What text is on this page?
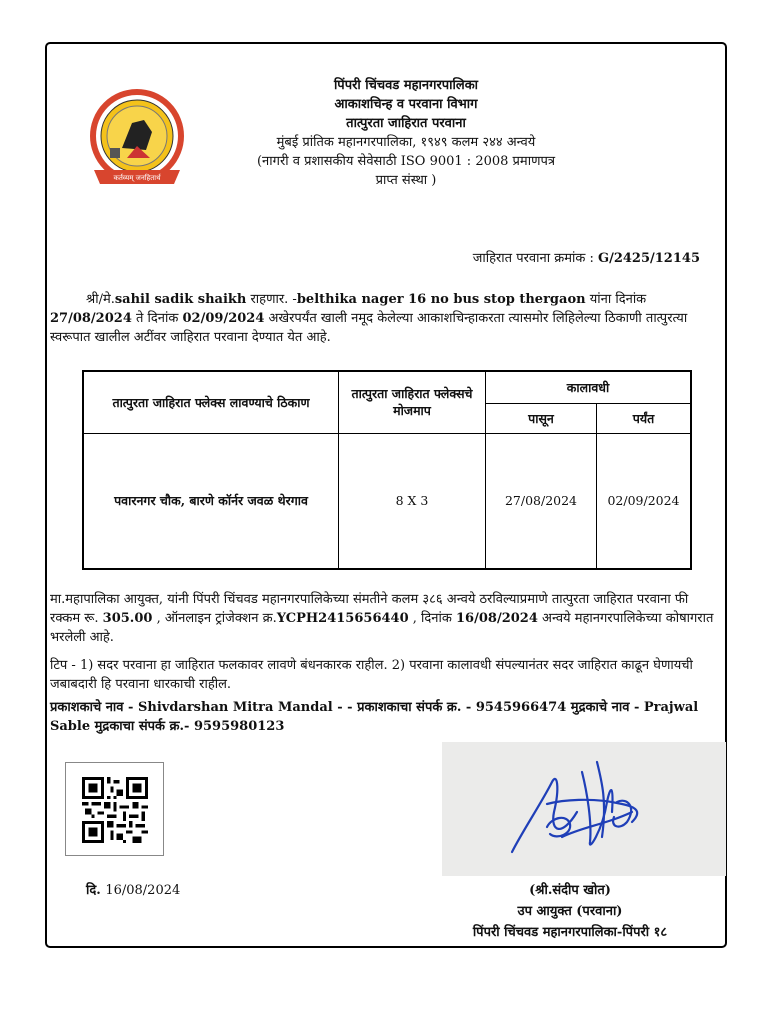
कर्तव्यम् जनहितार्थ
पिंपरी चिंचवड महानगरपालिका
आकाशचिन्ह व परवाना विभाग
तात्पुरता जाहिरात परवाना
मुंबई प्रांतिक महानगरपालिका, १९४९ कलम २४४ अन्वये
(नागरी व प्रशासकीय सेवेसाठी ISO 9001 : 2008 प्रमाणपत्र
प्राप्त संस्था )
जाहिरात परवाना क्रमांक : G/2425/12145
श्री/मे.sahil sadik shaikh राहणार. -belthika nager 16 no bus stop thergaon यांना दिनांक 27/08/2024 ते दिनांक 02/09/2024 अखेरपर्यंत खाली नमूद केलेल्या आकाशचिन्हाकरता त्यासमोर लिहिलेल्या ठिकाणी तात्पुरत्या स्वरूपात खालील अटींवर जाहिरात परवाना देण्यात येत आहे.
तात्पुरता जाहिरात फ्लेक्स लावण्याचे ठिकाण	तात्पुरता जाहिरात फ्लेक्सचे मोजमाप	कालावधी	
		पासून	पर्यंत
पवारनगर चौक, बारणे कॉर्नर जवळ थेरगाव	8 X 3	27/08/2024	02/09/2024
मा.महापालिका आयुक्त, यांनी पिंपरी चिंचवड महानगरपालिकेच्या संमतीने कलम ३८६ अन्वये ठरविल्याप्रमाणे तात्पुरता जाहिरात परवाना फी रक्कम रू. 305.00 , ऑनलाइन ट्रांजेक्शन क्र.YCPH2415656440 , दिनांक 16/08/2024 अन्वये महानगरपालिकेच्या कोषागरात भरलेली आहे.
टिप - 1) सदर परवाना हा जाहिरात फलकावर लावणे बंधनकारक राहील. 2) परवाना कालावधी संपल्यानंतर सदर जाहिरात काढून घेणायची जबाबदारी हि परवाना धारकाची राहील.
प्रकाशकाचे नाव - Shivdarshan Mitra Mandal - - प्रकाशकाचा संपर्क क्र. - 9545966474 मुद्रकाचे नाव - Prajwal Sable मुद्रकाचा संपर्क क्र.- 9595980123
दि. 16/08/2024	(श्री.संदीप खोत)
उप आयुक्त (परवाना)
पिंपरी चिंचवड महानगरपालिका-पिंपरी १८
